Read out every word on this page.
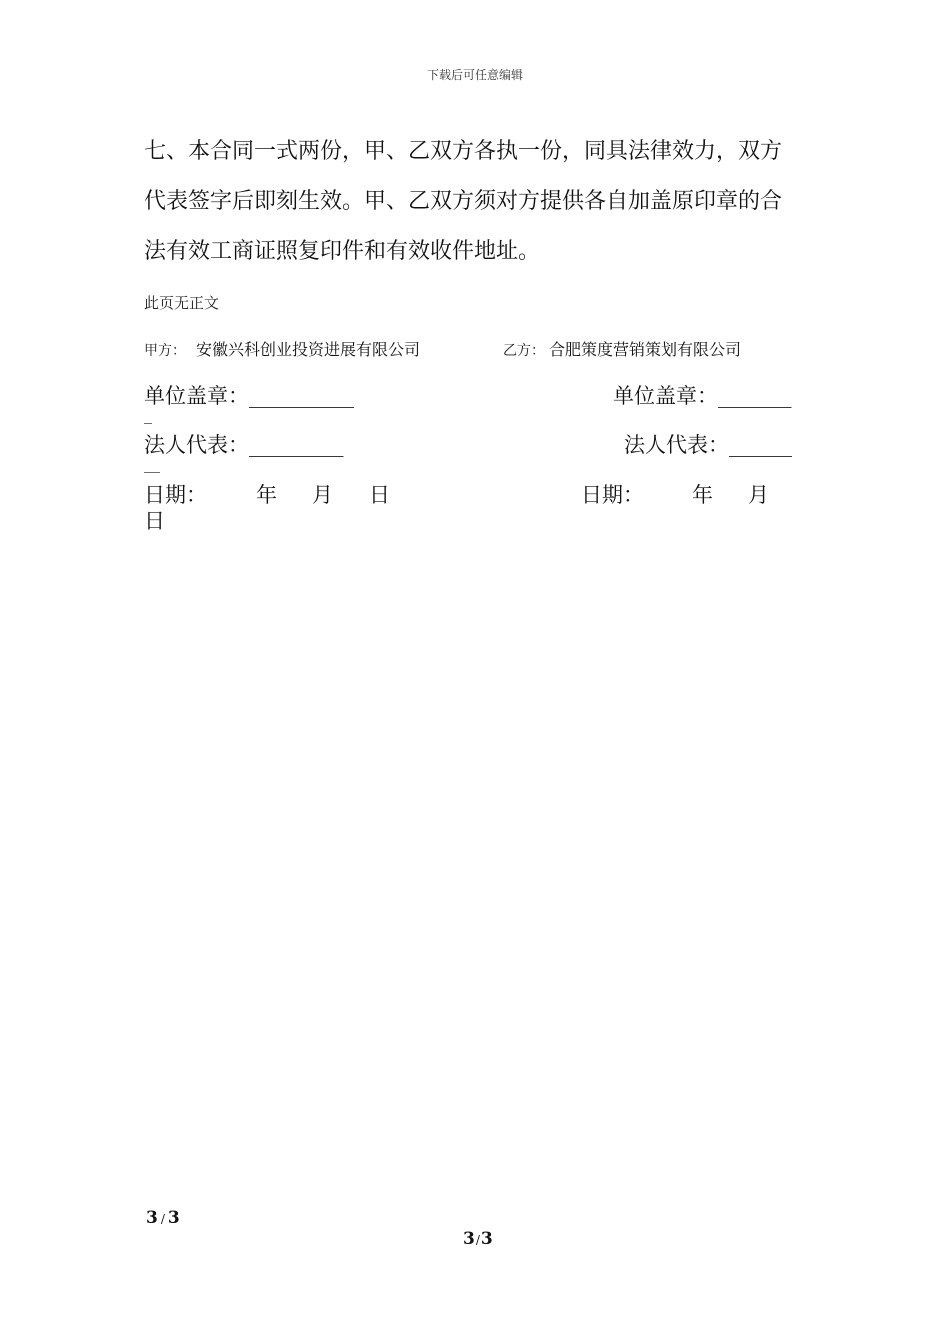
下载后可任意编辑
七、本合同一式两份，甲、乙双方各执一份，同具法律效力，双方
代表签字后即刻生效。甲、乙双方须对方提供各自加盖原印章的合
法有效工商证照复印件和有效收件地址。
此页无正文
甲方： 安徽兴科创业投资进展有限公司	乙方： 合肥策度营销策划有限公司
单位盖章：__________	单位盖章：_______
_
法人代表：_________	法人代表：______
__
日期： 年 月 日	日期： 年 月
日
3 / 3
3/3
